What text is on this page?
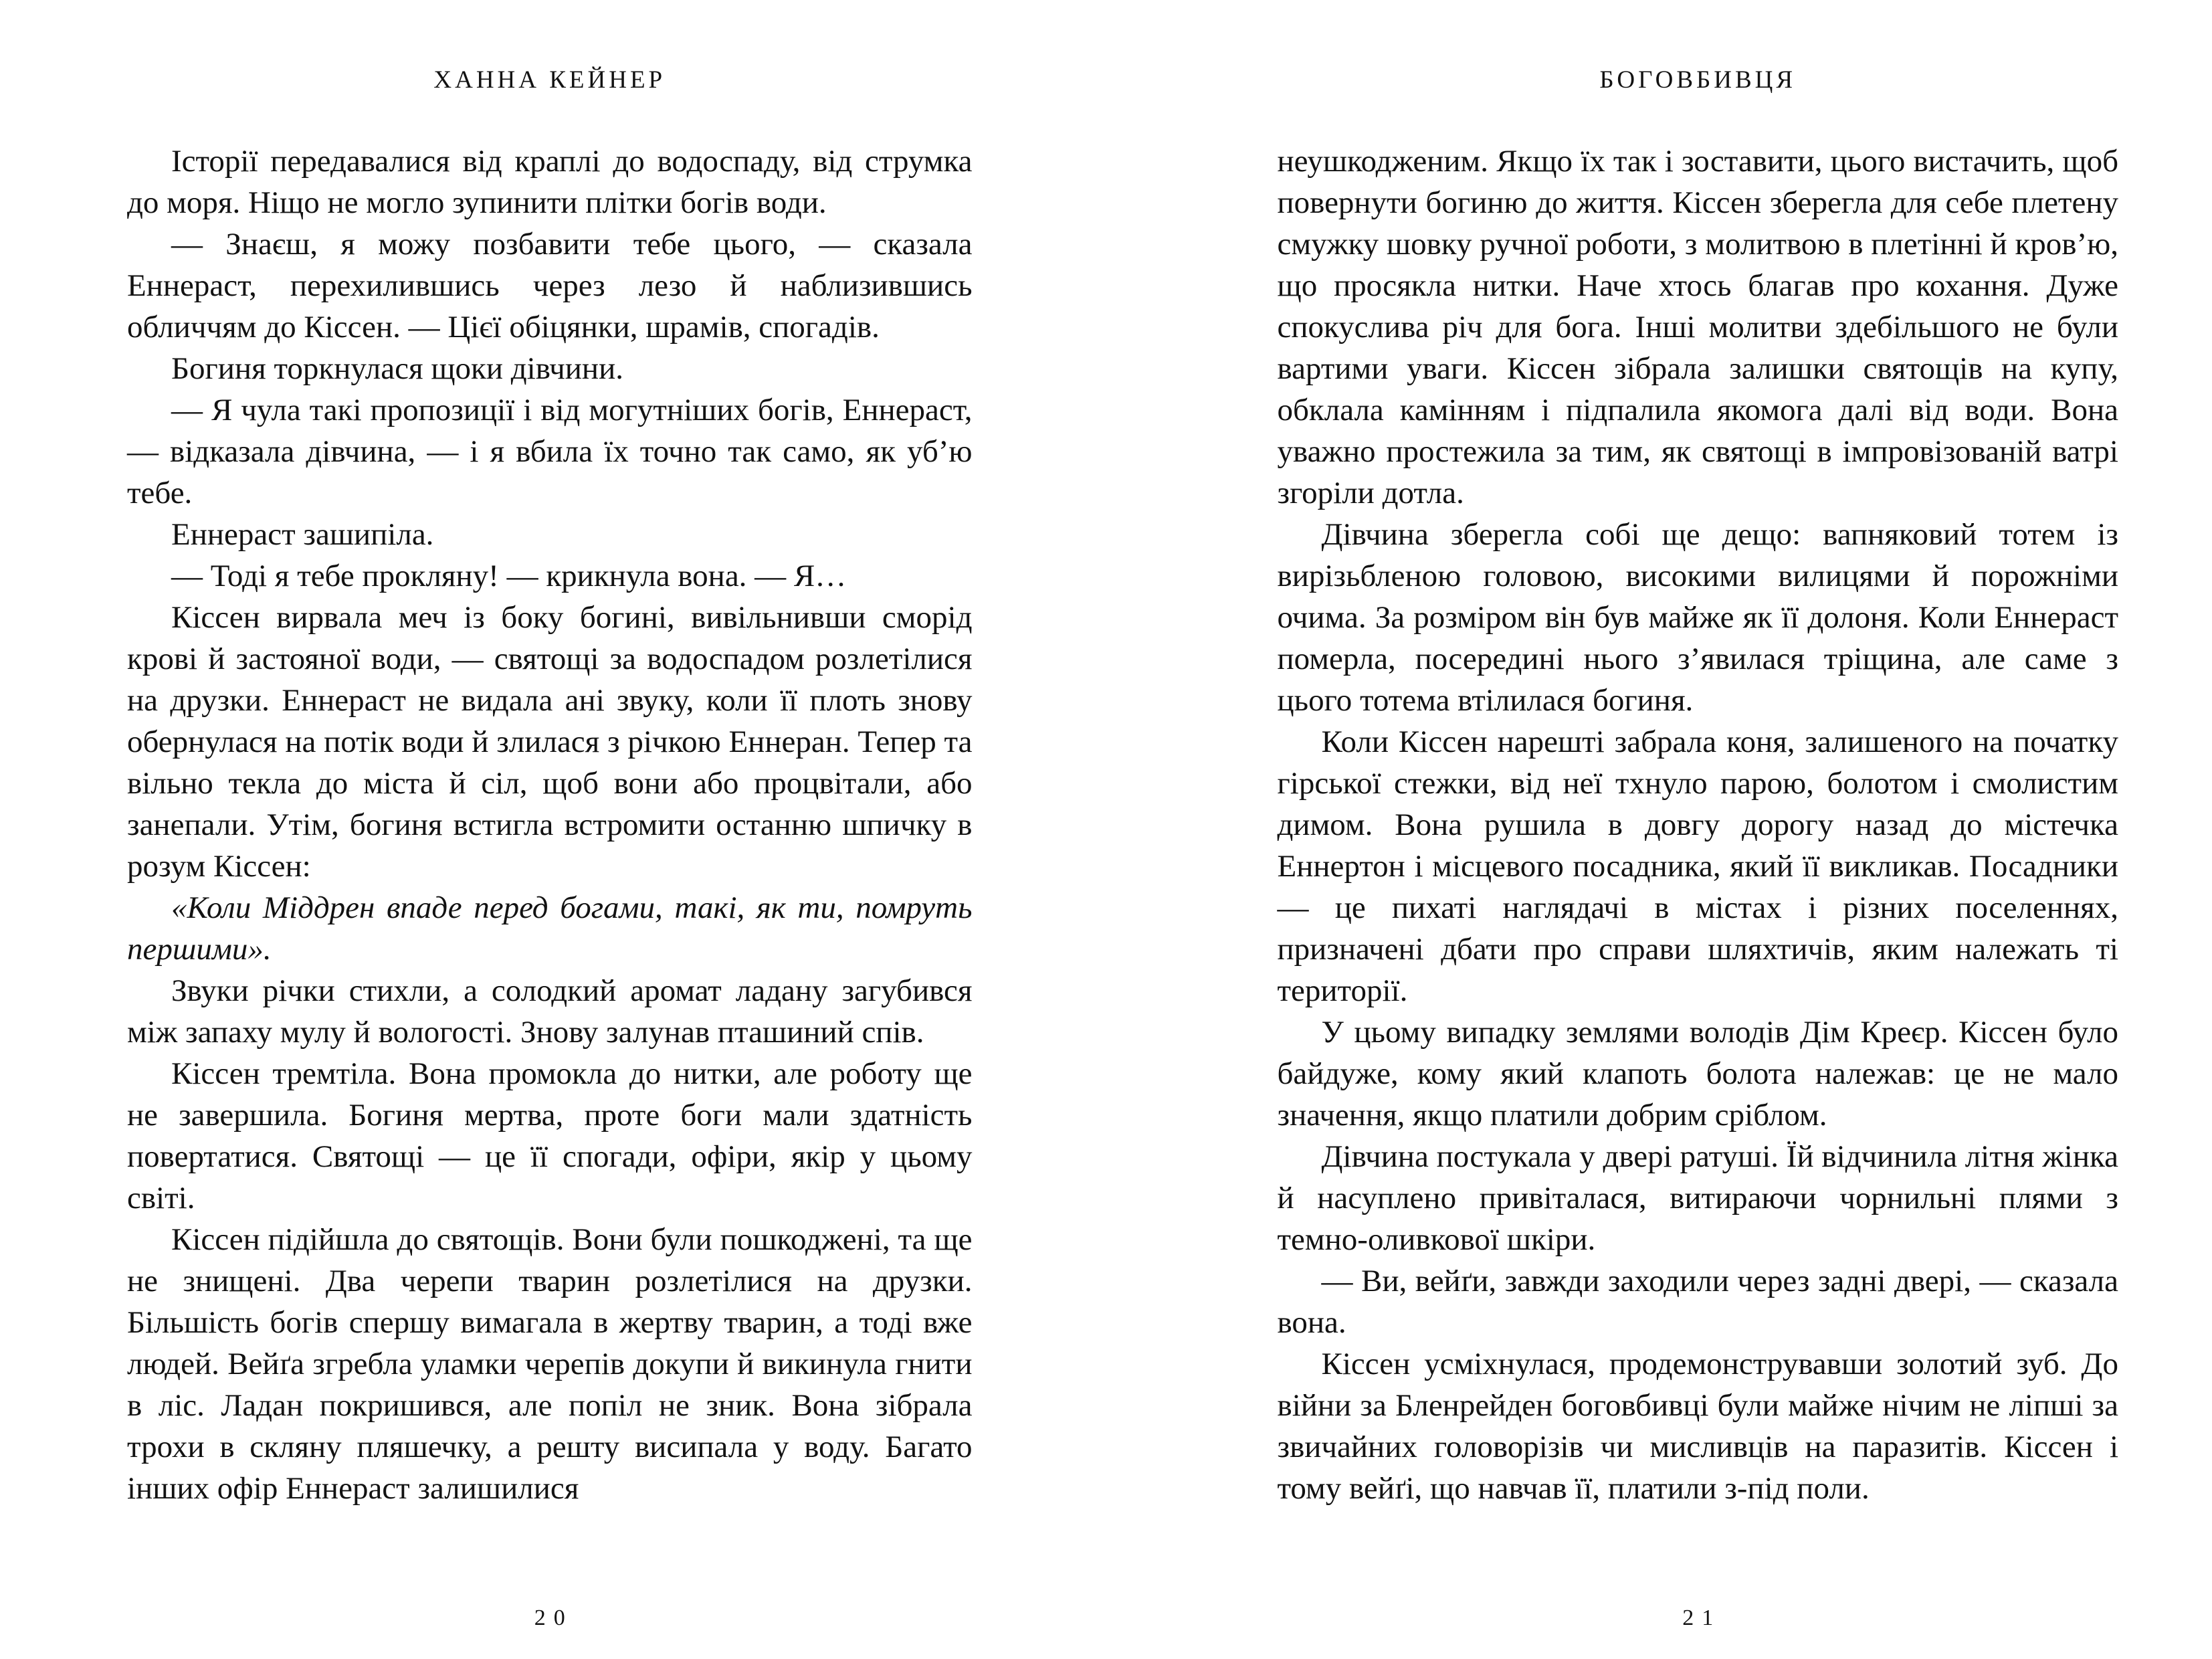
ХАННА КЕЙНЕР

Історії передавалися від краплі до водоспаду, від струмка до моря. Ніщо не могло зупинити плітки богів води.

— Знаєш, я можу позбавити тебе цього, — сказала Еннераст, перехилившись через лезо й наблизившись обличчям до Кіссен. — Цієї обіцянки, шрамів, спогадів.

Богиня торкнулася щоки дівчини.

— Я чула такі пропозиції і від могутніших богів, Еннераст, — відказала дівчина, — і я вбила їх точно так само, як уб’ю тебе.

Еннераст зашипіла.

— Тоді я тебе прокляну! — крикнула вона. — Я…

Кіссен вирвала меч із боку богині, вивільнивши сморід крові й застояної води, — святощі за водоспадом розлетілися на друзки. Еннераст не видала ані звуку, коли її плоть знову обернулася на потік води й злилася з річкою Еннеран. Тепер та вільно текла до міста й сіл, щоб вони або процвітали, або занепали. Утім, богиня встигла встромити останню шпичку в розум Кіссен:

«Коли Міддрен впаде перед богами, такі, як ти, помруть першими».

Звуки річки стихли, а солодкий аромат ладану загубився між запаху мулу й вологості. Знову залунав пташиний спів.

Кіссен тремтіла. Вона промокла до нитки, але роботу ще не завершила. Богиня мертва, проте боги мали здатність повертатися. Святощі — це її спогади, офіри, якір у цьому світі.

Кіссен підійшла до святощів. Вони були пошкоджені, та ще не знищені. Два черепи тварин розлетілися на друзки. Більшість богів спершу вимагала в жертву тварин, а тоді вже людей. Вейґа згребла уламки черепів докупи й викинула гнити в ліс. Ладан покришився, але попіл не зник. Вона зібрала трохи в скляну пляшечку, а решту висипала у воду. Багато інших офір Еннераст залишилися

20
БОГОВБИВЦЯ

неушкодженим. Якщо їх так і зоставити, цього вистачить, щоб повернути богиню до життя. Кіссен зберегла для себе плетену смужку шовку ручної роботи, з молитвою в плетінні й кров’ю, що просякла нитки. Наче хтось благав про кохання. Дуже спокуслива річ для бога. Інші молитви здебільшого не були вартими уваги. Кіссен зібрала залишки святощів на купу, обклала камінням і підпалила якомога далі від води. Вона уважно простежила за тим, як святощі в імпровізованій ватрі згоріли дотла.

Дівчина зберегла собі ще дещо: вапняковий тотем із вирізьбленою головою, високими вилицями й порожніми очима. За розміром він був майже як її долоня. Коли Еннераст померла, посередині нього з’явилася тріщина, але саме з цього тотема втілилася богиня.

Коли Кіссен нарешті забрала коня, залишеного на початку гірської стежки, від неї тхнуло парою, болотом і смолистим димом. Вона рушила в довгу дорогу назад до містечка Еннертон і місцевого посадника, який її викликав. Посадники — це пихаті наглядачі в містах і різних поселеннях, призначені дбати про справи шляхтичів, яким належать ті території.

У цьому випадку землями володів Дім Креєр. Кіссен було байдуже, кому який клапоть болота належав: це не мало значення, якщо платили добрим сріблом.

Дівчина постукала у двері ратуші. Їй відчинила літня жінка й насуплено привіталася, витираючи чорнильні плями з темно-оливкової шкіри.

— Ви, вейґи, завжди заходили через задні двері, — сказала вона.

Кіссен усміхнулася, продемонструвавши золотий зуб. До війни за Бленрейден боговбивці були майже нічим не ліпші за звичайних головорізів чи мисливців на паразитів. Кіссен і тому вейґі, що навчав її, платили з-під поли.

21
